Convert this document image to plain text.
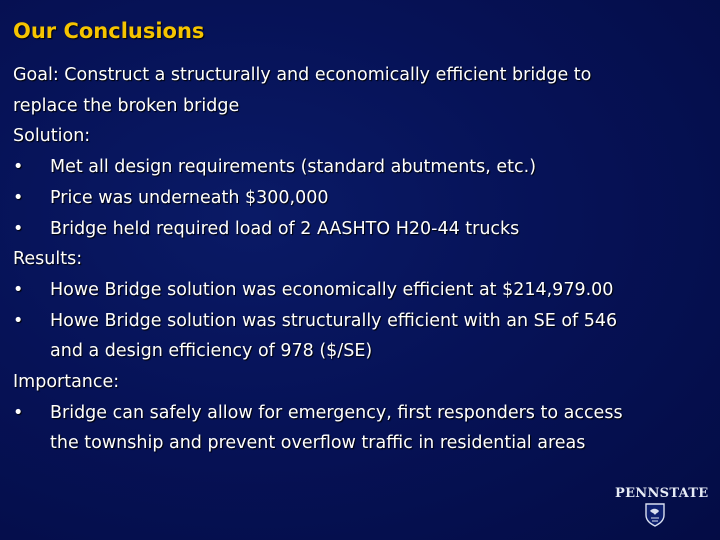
Our Conclusions
Goal: Construct a structurally and economically efficient bridge to
replace the broken bridge
Solution:
•	Met all design requirements (standard abutments, etc.)
•	Price was underneath $300,000
•	Bridge held required load of 2 AASHTO H20-44 trucks
Results:
•	Howe Bridge solution was economically efficient at $214,979.00
•	Howe Bridge solution was structurally efficient with an SE of 546
and a design efficiency of 978 ($/SE)
Importance:
•	Bridge can safely allow for emergency, first responders to access
the township and prevent overflow traffic in residential areas
PENNSTATE
